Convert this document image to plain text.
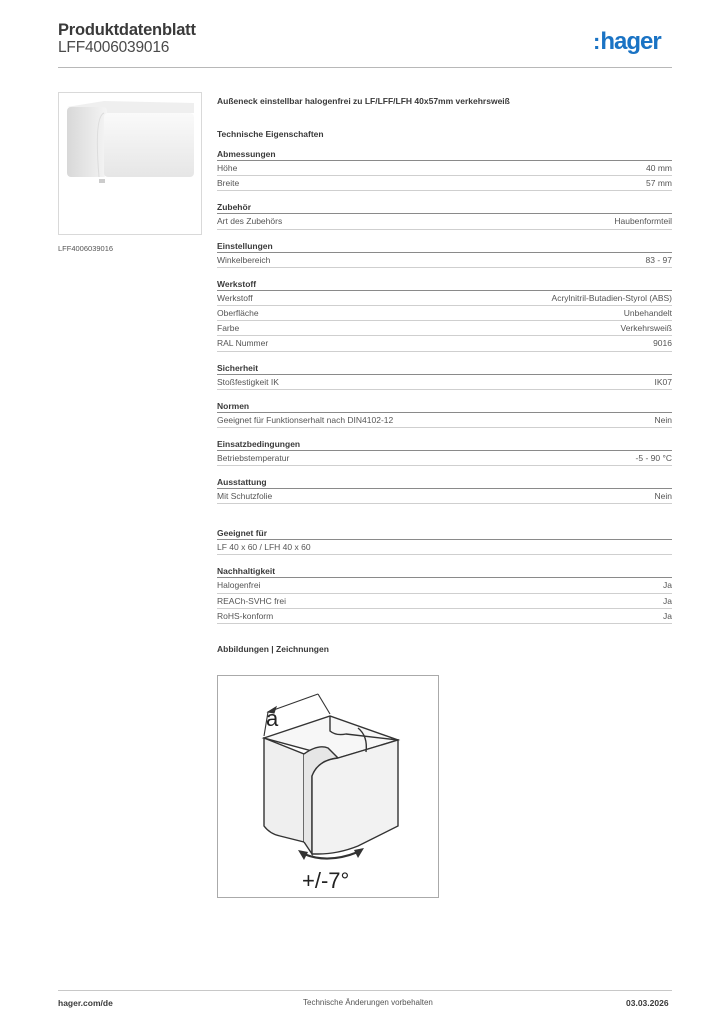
Produktdatenblatt
LFF4006039016	:hager
LFF4006039016
Außeneck einstellbar halogenfrei zu LF/LFF/LFH 40x57mm verkehrsweiß
Technische Eigenschaften
Abmessungen
Höhe	40 mm
Breite	57 mm
Zubehör
Art des Zubehörs	Haubenformteil
Einstellungen
Winkelbereich	83 - 97
Werkstoff
Werkstoff	Acrylnitril-Butadien-Styrol (ABS)
Oberfläche	Unbehandelt
Farbe	Verkehrsweiß
RAL Nummer	9016
Sicherheit
Stoßfestigkeit IK	IK07
Normen
Geeignet für Funktionserhalt nach DIN4102-12	Nein
Einsatzbedingungen
Betriebstemperatur	-5 - 90 °C
Ausstattung
Mit Schutzfolie	Nein
Geeignet für
LF 40 x 60 / LFH 40 x 60
Nachhaltigkeit
Halogenfrei	Ja
REACh-SVHC frei	Ja
RoHS-konform	Ja
Abbildungen | Zeichnungen
a
+/-7°
hager.com/de	Technische Änderungen vorbehalten	03.03.2026
